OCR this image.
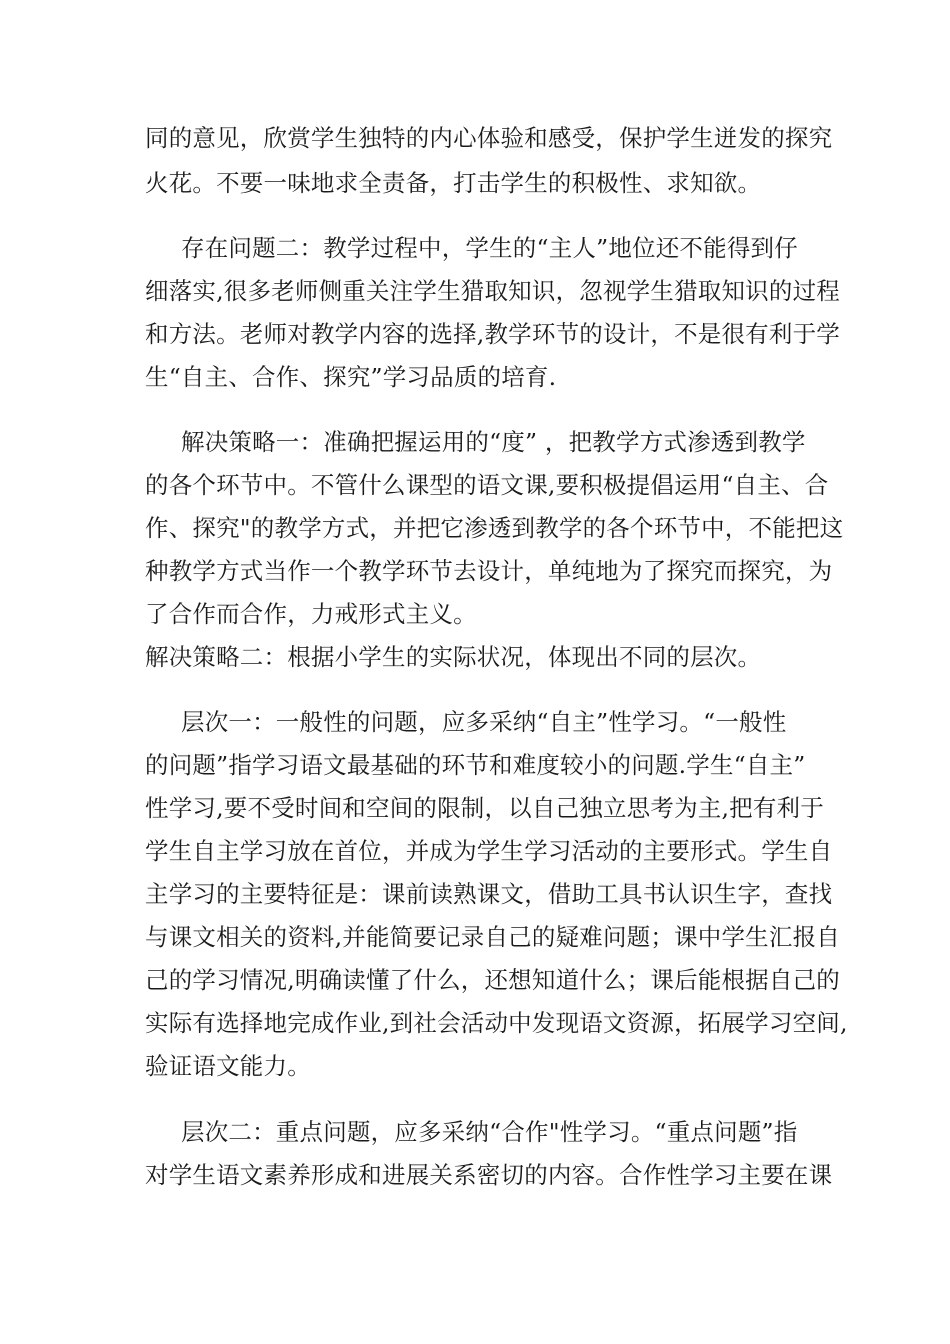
同的意见，欣赏学生独特的内心体验和感受，保护学生迸发的探究
火花。不要一味地求全责备，打击学生的积极性、求知欲。
存在问题二：教学过程中，学生的“主人”地位还不能得到仔
细落实,很多老师侧重关注学生猎取知识，忽视学生猎取知识的过程
和方法。老师对教学内容的选择,教学环节的设计，不是很有利于学
生“自主、合作、探究”学习品质的培育.
解决策略一：准确把握运用的“度” ，把教学方式渗透到教学
的各个环节中。不管什么课型的语文课,要积极提倡运用“自主、合
作、探究"的教学方式，并把它渗透到教学的各个环节中，不能把这
种教学方式当作一个教学环节去设计，单纯地为了探究而探究，为
了合作而合作，力戒形式主义。
解决策略二：根据小学生的实际状况，体现出不同的层次。
层次一：一般性的问题，应多采纳“自主”性学习。“一般性
的问题”指学习语文最基础的环节和难度较小的问题.学生“自主”
性学习,要不受时间和空间的限制，以自己独立思考为主,把有利于
学生自主学习放在首位，并成为学生学习活动的主要形式。学生自
主学习的主要特征是：课前读熟课文，借助工具书认识生字，查找
与课文相关的资料,并能简要记录自己的疑难问题；课中学生汇报自
己的学习情况,明确读懂了什么，还想知道什么；课后能根据自己的
实际有选择地完成作业,到社会活动中发现语文资源，拓展学习空间,
验证语文能力。
层次二：重点问题，应多采纳“合作"性学习。“重点问题”指
对学生语文素养形成和进展关系密切的内容。合作性学习主要在课
